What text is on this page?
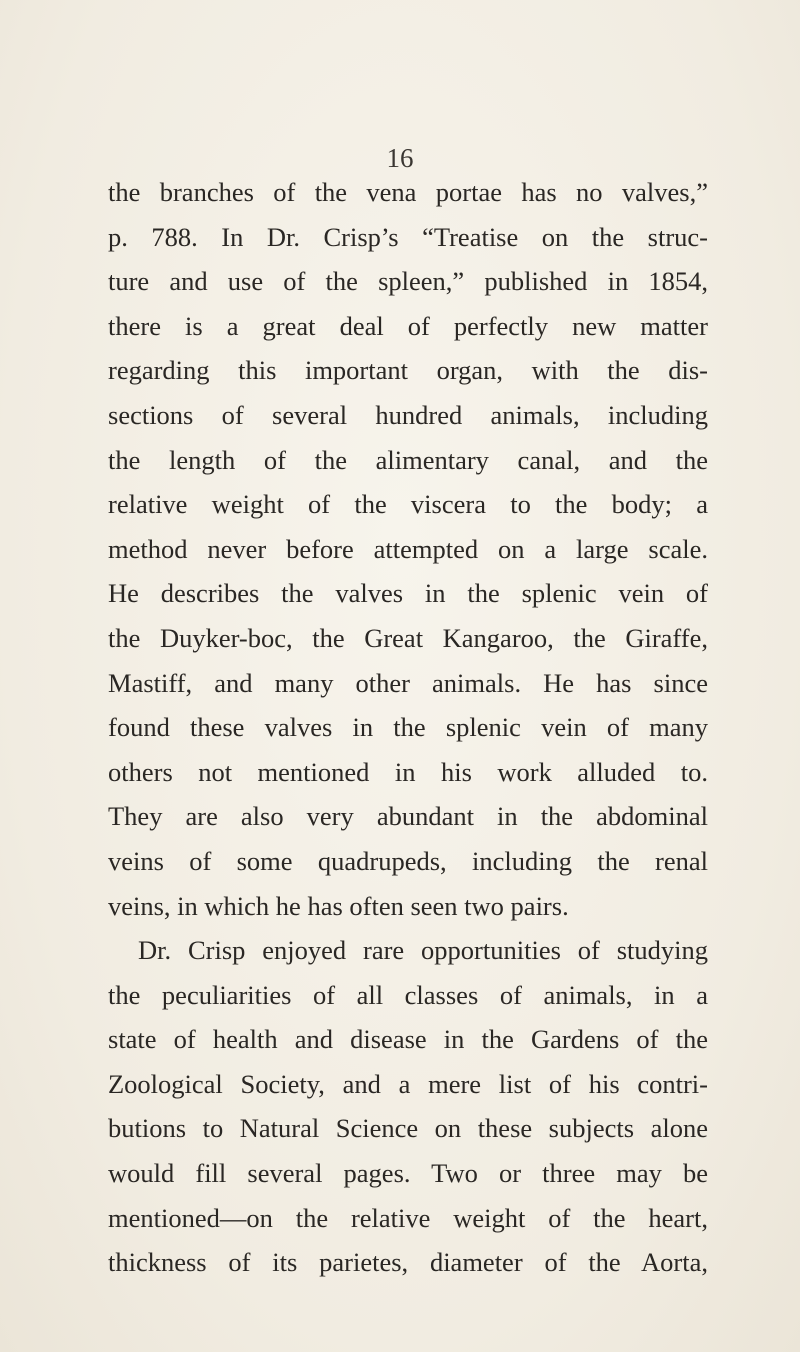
16
the branches of the vena portae has no valves,”
p. 788. In Dr. Crisp’s “Treatise on the struc-
ture and use of the spleen,” published in 1854,
there is a great deal of perfectly new matter
regarding this important organ, with the dis-
sections of several hundred animals, including
the length of the alimentary canal, and the
relative weight of the viscera to the body; a
method never before attempted on a large scale.
He describes the valves in the splenic vein of
the Duyker-boc, the Great Kangaroo, the Giraffe,
Mastiff, and many other animals. He has since
found these valves in the splenic vein of many
others not mentioned in his work alluded to.
They are also very abundant in the abdominal
veins of some quadrupeds, including the renal
veins, in which he has often seen two pairs.
Dr. Crisp enjoyed rare opportunities of studying
the peculiarities of all classes of animals, in a
state of health and disease in the Gardens of the
Zoological Society, and a mere list of his contri-
butions to Natural Science on these subjects alone
would fill several pages. Two or three may be
mentioned—on the relative weight of the heart,
thickness of its parietes, diameter of the Aorta,
